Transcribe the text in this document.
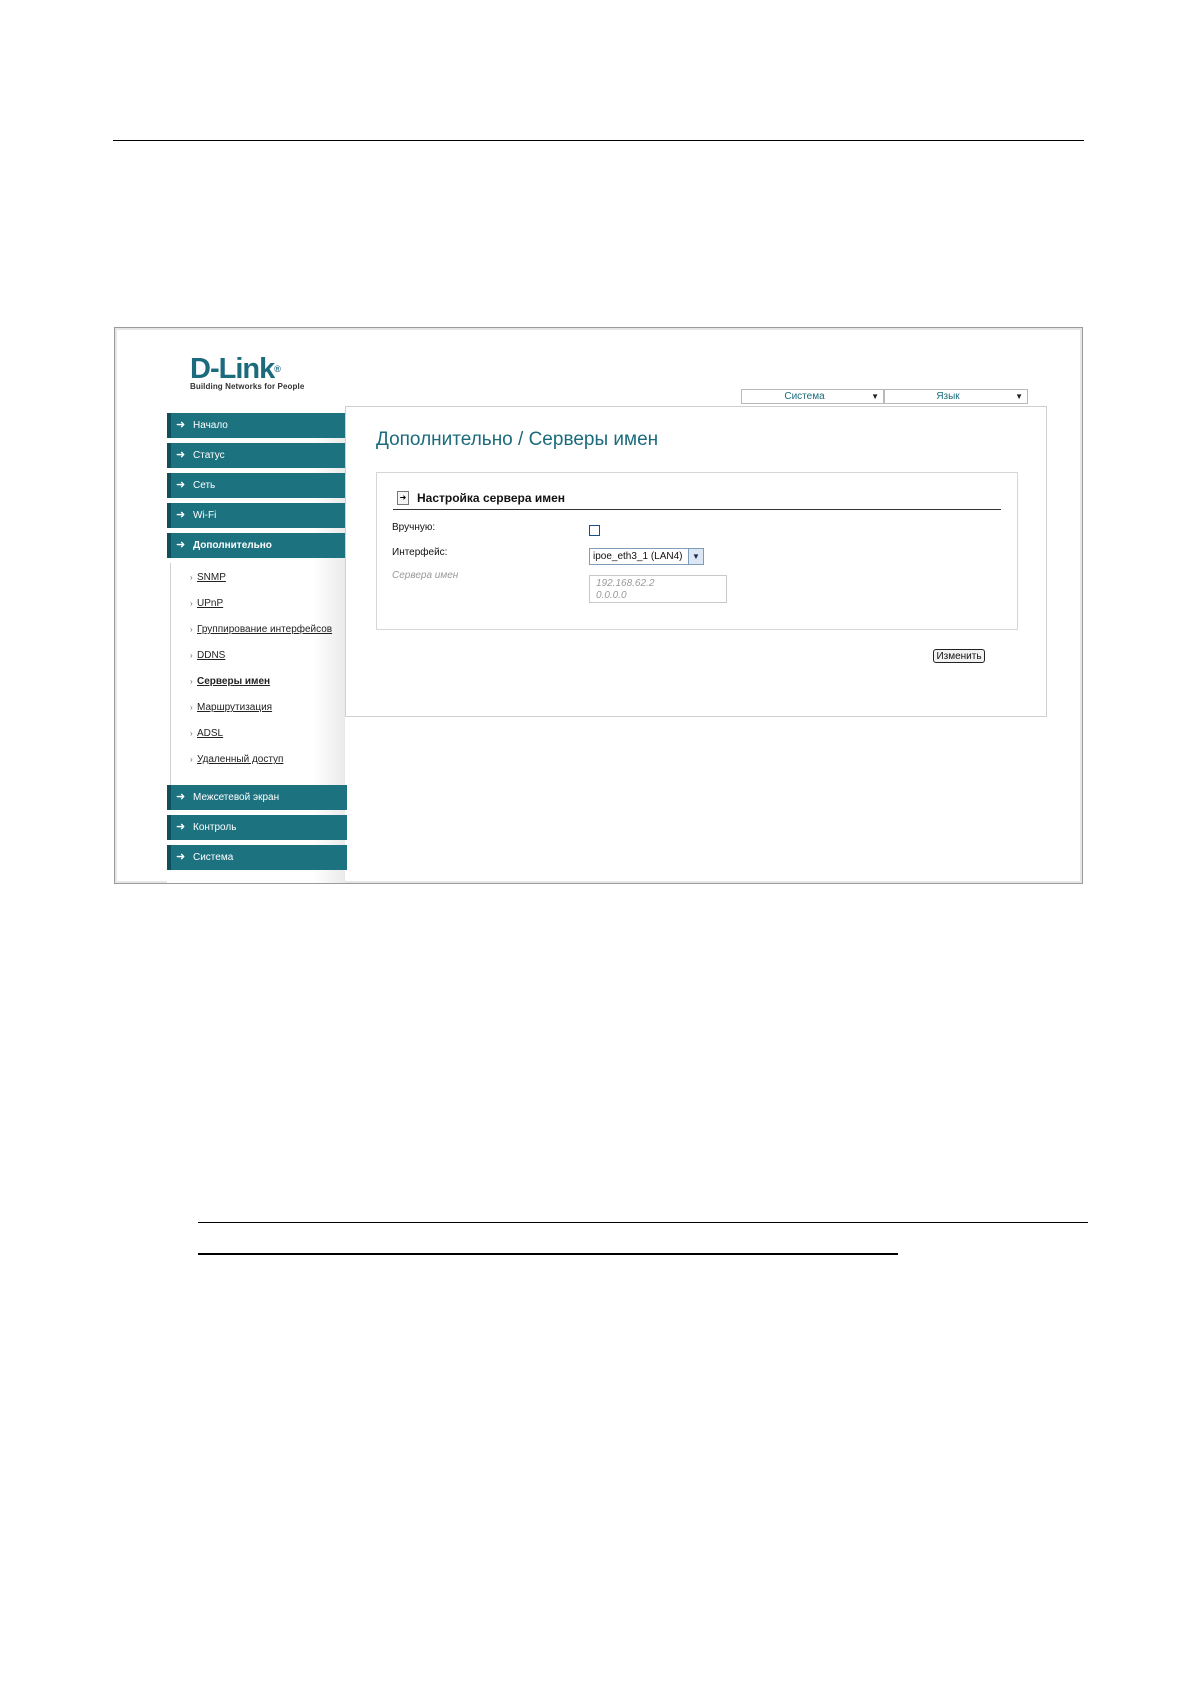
D-Link®
Building Networks for People
Система	▼	Язык	▼
➜ Начало
➜ Статус
➜ Сеть
➜ Wi-Fi
➜ Дополнительно
› SNMP
› UPnP
› Группирование интерфейсов
› DDNS
› Серверы имен
› Маршрутизация
› ADSL
› Удаленный доступ
➜ Межсетевой экран
➜ Контроль
➜ Система
Дополнительно / Серверы имен
➜ Настройка сервера имен
Вручную:
Интерфейс:	ipoe_eth3_1 (LAN4)	▼
Сервера имен
192.168.62.2
0.0.0.0
Изменить
